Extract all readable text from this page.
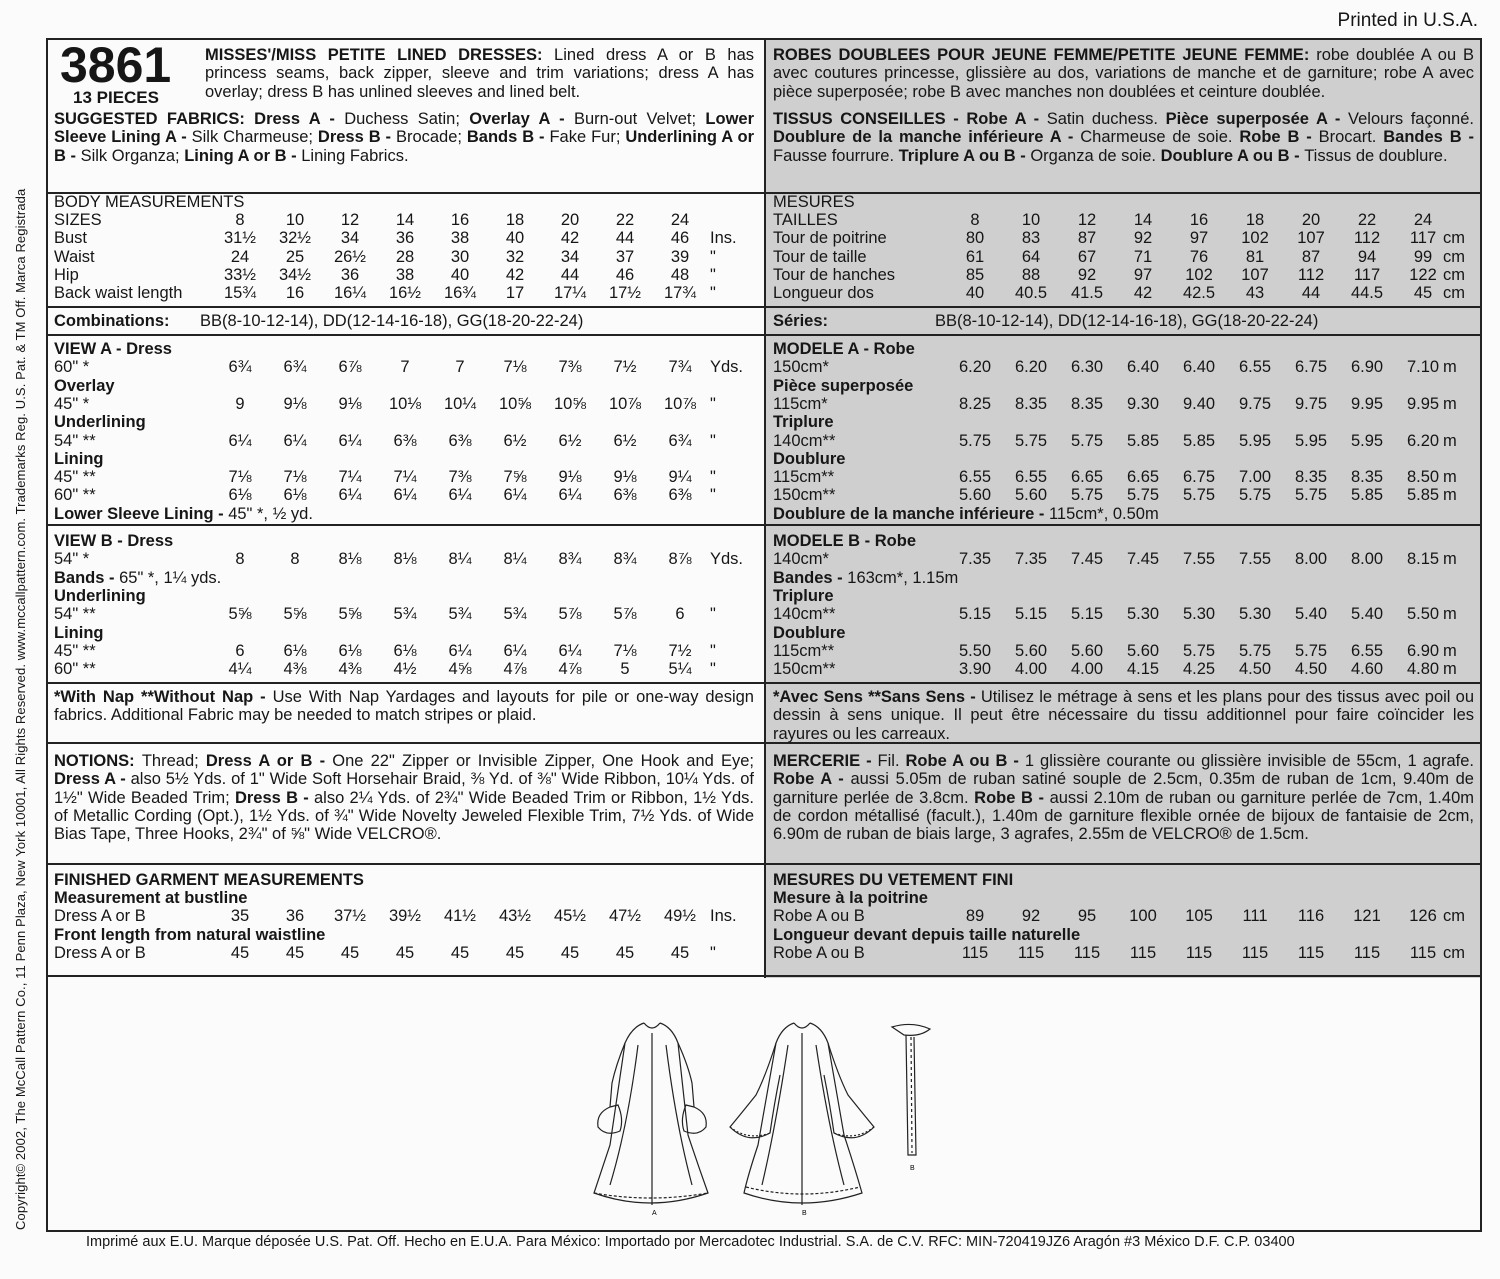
Copyright© 2002, The McCall Pattern Co., 11 Penn Plaza, New York 10001, All Rights Reserved. www.mccallpattern.com. Trademarks Reg. U.S. Pat. & TM Off. Marca Registrada
Printed in U.S.A.
3861
13 PIECES
MISSES'/MISS PETITE LINED DRESSES: Lined dress A or B has princess seams, back zipper, sleeve and trim variations; dress A has overlay; dress B has unlined sleeves and lined belt.
SUGGESTED FABRICS: Dress A - Duchess Satin; Overlay A - Burn-out Velvet; Lower Sleeve Lining A - Silk Charmeuse; Dress B - Brocade; Bands B - Fake Fur; Underlining A or B - Silk Organza; Lining A or B - Lining Fabrics.
BODY MEASUREMENTS
SIZES	8	10	12	14	16	18	20	22	24
Bust	31½	32½	34	36	38	40	42	44	46	Ins.
Waist	24	25	26½	28	30	32	34	37	39	"
Hip	33½	34½	36	38	40	42	44	46	48	"
Back waist length	15¾	16	16¼	16½	16¾	17	17¼	17½	17¾ "
Combinations: BB(8-10-12-14), DD(12-14-16-18), GG(18-20-22-24)
VIEW A - Dress
60" *	6¾	6¾	6⅞	7	7	7⅛	7⅜	7½	7¾	Yds.
Overlay
45" *	9	9⅛	9⅛	10⅛	10¼	10⅝	10⅝	10⅞	10⅞ "
Underlining
54" **	6¼	6¼	6¼	6⅜	6⅜	6½	6½	6½	6¾	"
Lining
45" **	7⅛	7⅛	7¼	7¼	7⅜	7⅝	9⅛	9⅛	9¼	"
60" **	6⅛	6⅛	6¼	6¼	6¼	6¼	6¼	6⅜	6⅜	"
Lower Sleeve Lining - 45" *, ½ yd.
VIEW B - Dress
54" *	8	8	8⅛	8⅛	8¼	8¼	8¾	8¾	8⅞	Yds.
Bands - 65" *, 1¼ yds.
Underlining
54" **	5⅝	5⅝	5⅝	5¾	5¾	5¾	5⅞	5⅞	6	"
Lining
45" **	6	6⅛	6⅛	6⅛	6¼	6¼	6¼	7⅛	7½	"
60" **	4¼	4⅜	4⅜	4½	4⅝	4⅞	4⅞	5	5¼	"
*With Nap **Without Nap - Use With Nap Yardages and layouts for pile or one-way design fabrics. Additional Fabric may be needed to match stripes or plaid.
NOTIONS: Thread; Dress A or B - One 22" Zipper or Invisible Zipper, One Hook and Eye; Dress A - also 5½ Yds. of 1" Wide Soft Horsehair Braid, ⅜ Yd. of ⅜" Wide Ribbon, 10¼ Yds. of 1½" Wide Beaded Trim; Dress B - also 2¼ Yds. of 2¾" Wide Beaded Trim or Ribbon, 1½ Yds. of Metallic Cording (Opt.), 1½ Yds. of ¾" Wide Novelty Jeweled Flexible Trim, 7½ Yds. of Wide Bias Tape, Three Hooks, 2¾" of ⅝" Wide VELCRO®.
FINISHED GARMENT MEASUREMENTS
Measurement at bustline
Dress A or B	35	36	37½	39½	41½	43½	45½	47½	49½ Ins.
Front length from natural waistline
Dress A or B	45	45	45	45	45	45	45	45	45	"
ROBES DOUBLEES POUR JEUNE FEMME/PETITE JEUNE FEMME: robe doublée A ou B avec coutures princesse, glissière au dos, variations de manche et de garniture; robe A avec pièce superposée; robe B avec manches non doublées et ceinture doublée.
TISSUS CONSEILLES - Robe A - Satin duchess. Pièce superposée A - Velours façonné. Doublure de la manche inférieure A - Charmeuse de soie. Robe B - Brocart. Bandes B - Fausse fourrure. Triplure A ou B - Organza de soie. Doublure A ou B - Tissus de doublure.
MESURES
TAILLES	8	10	12	14	16	18	20	22	24
Tour de poitrine	80	83	87	92	97	102	107	112	117 cm
Tour de taille	61	64	67	71	76	81	87	94	99 cm
Tour de hanches	85	88	92	97	102	107	112	117	122 cm
Longueur dos	40	40.5	41.5	42	42.5	43	44	44.5	45 cm
Séries:	BB(8-10-12-14), DD(12-14-16-18), GG(18-20-22-24)
MODELE A - Robe
150cm*	6.20	6.20	6.30	6.40	6.40	6.55	6.75	6.90	7.10 m
Pièce superposée
115cm*	8.25	8.35	8.35	9.30	9.40	9.75	9.75	9.95	9.95 m
Triplure
140cm**	5.75	5.75	5.75	5.85	5.85	5.95	5.95	5.95	6.20 m
Doublure
115cm**	6.55	6.55	6.65	6.65	6.75	7.00	8.35	8.35	8.50 m
150cm**	5.60	5.60	5.75	5.75	5.75	5.75	5.75	5.85	5.85 m
Doublure de la manche inférieure - 115cm*, 0.50m
MODELE B - Robe
140cm*	7.35	7.35	7.45	7.45	7.55	7.55	8.00	8.00	8.15 m
Bandes - 163cm*, 1.15m
Triplure
140cm**	5.15	5.15	5.15	5.30	5.30	5.30	5.40	5.40	5.50 m
Doublure
115cm**	5.50	5.60	5.60	5.60	5.75	5.75	5.75	6.55	6.90 m
150cm**	3.90	4.00	4.00	4.15	4.25	4.50	4.50	4.60	4.80 m
*Avec Sens **Sans Sens - Utilisez le métrage à sens et les plans pour des tissus avec poil ou dessin à sens unique. Il peut être nécessaire du tissu additionnel pour faire coïncider les rayures ou les carreaux.
MERCERIE - Fil. Robe A ou B - 1 glissière courante ou glissière invisible de 55cm, 1 agrafe. Robe A - aussi 5.05m de ruban satiné souple de 2.5cm, 0.35m de ruban de 1cm, 9.40m de garniture perlée de 3.8cm. Robe B - aussi 2.10m de ruban ou garniture perlée de 7cm, 1.40m de cordon métallisé (facult.), 1.40m de garniture flexible ornée de bijoux de fantaisie de 2cm, 6.90m de ruban de biais large, 3 agrafes, 2.55m de VELCRO® de 1.5cm.
MESURES DU VETEMENT FINI
Mesure à la poitrine
Robe A ou B	89	92	95	100	105	111	116	121	126 cm
Longueur devant depuis taille naturelle
Robe A ou B	115	115	115	115	115	115	115	115	115 cm
A	B
B
Imprimé aux E.U. Marque déposée U.S. Pat. Off. Hecho en E.U.A. Para México: Importado por Mercadotec Industrial. S.A. de C.V. RFC: MIN-720419JZ6 Aragón #3 México D.F. C.P. 03400
